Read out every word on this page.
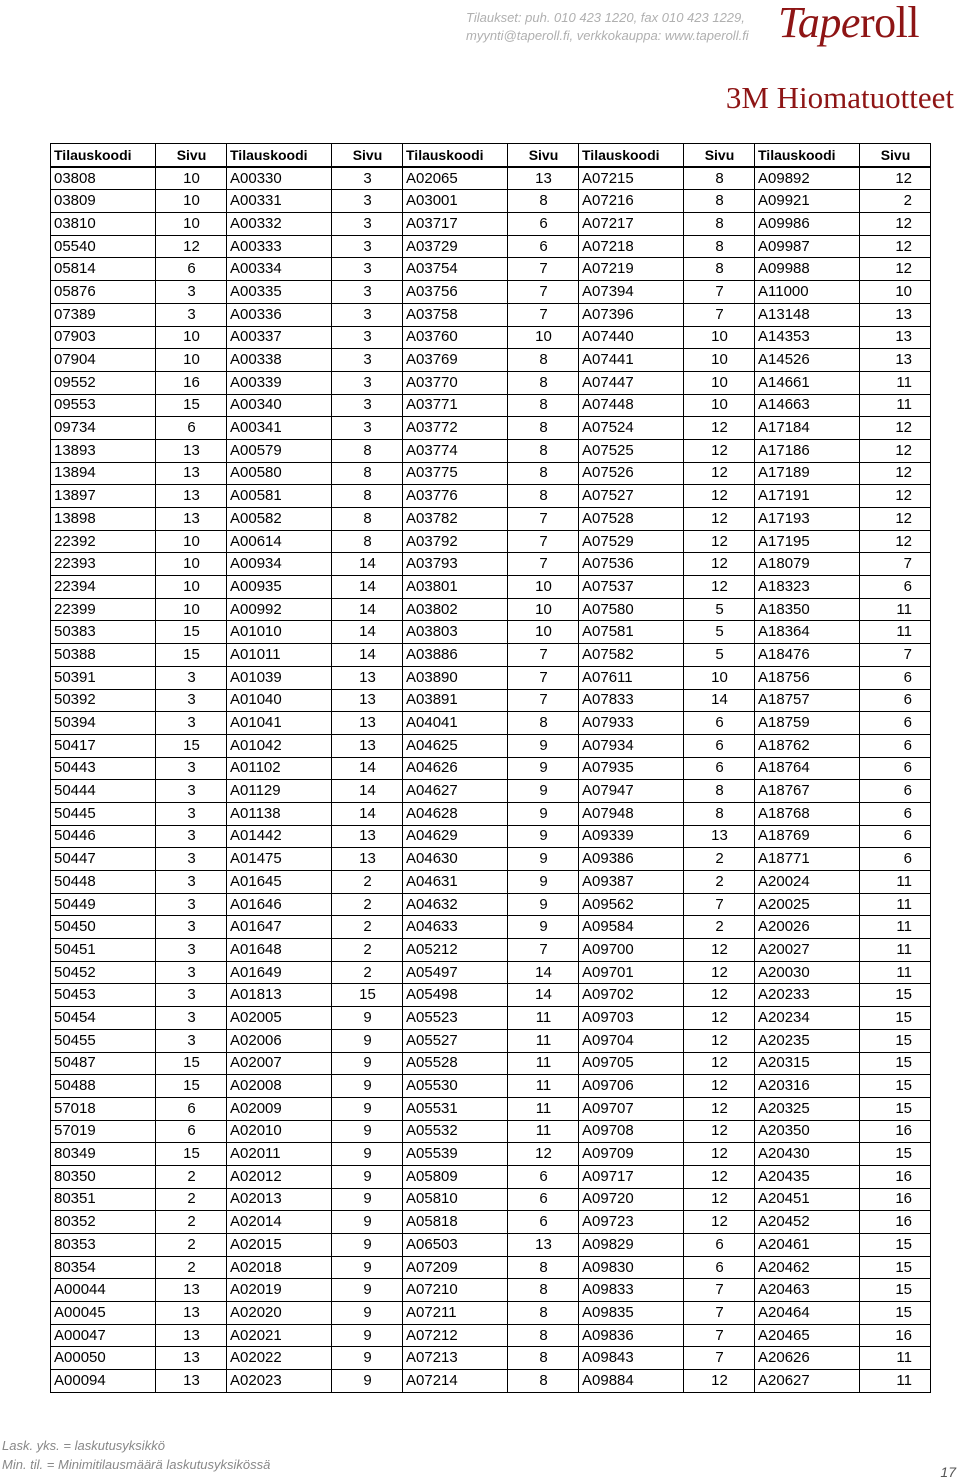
Tilaukset: puh. 010 423 1220, fax 010 423 1229,
myynti@taperoll.fi, verkkokauppa: www.taperoll.fi Taperoll
3M Hiomatuotteet
Tilauskoodi	Sivu	Tilauskoodi	Sivu	Tilauskoodi	Sivu	Tilauskoodi	Sivu	Tilauskoodi	Sivu
03808	10	A00330	3	A02065	13	A07215	8	A09892	12
03809	10	A00331	3	A03001	8	A07216	8	A09921	2
03810	10	A00332	3	A03717	6	A07217	8	A09986	12
05540	12	A00333	3	A03729	6	A07218	8	A09987	12
05814	6	A00334	3	A03754	7	A07219	8	A09988	12
05876	3	A00335	3	A03756	7	A07394	7	A11000	10
07389	3	A00336	3	A03758	7	A07396	7	A13148	13
07903	10	A00337	3	A03760	10	A07440	10	A14353	13
07904	10	A00338	3	A03769	8	A07441	10	A14526	13
09552	16	A00339	3	A03770	8	A07447	10	A14661	11
09553	15	A00340	3	A03771	8	A07448	10	A14663	11
09734	6	A00341	3	A03772	8	A07524	12	A17184	12
13893	13	A00579	8	A03774	8	A07525	12	A17186	12
13894	13	A00580	8	A03775	8	A07526	12	A17189	12
13897	13	A00581	8	A03776	8	A07527	12	A17191	12
13898	13	A00582	8	A03782	7	A07528	12	A17193	12
22392	10	A00614	8	A03792	7	A07529	12	A17195	12
22393	10	A00934	14	A03793	7	A07536	12	A18079	7
22394	10	A00935	14	A03801	10	A07537	12	A18323	6
22399	10	A00992	14	A03802	10	A07580	5	A18350	11
50383	15	A01010	14	A03803	10	A07581	5	A18364	11
50388	15	A01011	14	A03886	7	A07582	5	A18476	7
50391	3	A01039	13	A03890	7	A07611	10	A18756	6
50392	3	A01040	13	A03891	7	A07833	14	A18757	6
50394	3	A01041	13	A04041	8	A07933	6	A18759	6
50417	15	A01042	13	A04625	9	A07934	6	A18762	6
50443	3	A01102	14	A04626	9	A07935	6	A18764	6
50444	3	A01129	14	A04627	9	A07947	8	A18767	6
50445	3	A01138	14	A04628	9	A07948	8	A18768	6
50446	3	A01442	13	A04629	9	A09339	13	A18769	6
50447	3	A01475	13	A04630	9	A09386	2	A18771	6
50448	3	A01645	2	A04631	9	A09387	2	A20024	11
50449	3	A01646	2	A04632	9	A09562	7	A20025	11
50450	3	A01647	2	A04633	9	A09584	2	A20026	11
50451	3	A01648	2	A05212	7	A09700	12	A20027	11
50452	3	A01649	2	A05497	14	A09701	12	A20030	11
50453	3	A01813	15	A05498	14	A09702	12	A20233	15
50454	3	A02005	9	A05523	11	A09703	12	A20234	15
50455	3	A02006	9	A05527	11	A09704	12	A20235	15
50487	15	A02007	9	A05528	11	A09705	12	A20315	15
50488	15	A02008	9	A05530	11	A09706	12	A20316	15
57018	6	A02009	9	A05531	11	A09707	12	A20325	15
57019	6	A02010	9	A05532	11	A09708	12	A20350	16
80349	15	A02011	9	A05539	12	A09709	12	A20430	15
80350	2	A02012	9	A05809	6	A09717	12	A20435	16
80351	2	A02013	9	A05810	6	A09720	12	A20451	16
80352	2	A02014	9	A05818	6	A09723	12	A20452	16
80353	2	A02015	9	A06503	13	A09829	6	A20461	15
80354	2	A02018	9	A07209	8	A09830	6	A20462	15
A00044	13	A02019	9	A07210	8	A09833	7	A20463	15
A00045	13	A02020	9	A07211	8	A09835	7	A20464	15
A00047	13	A02021	9	A07212	8	A09836	7	A20465	16
A00050	13	A02022	9	A07213	8	A09843	7	A20626	11
A00094	13	A02023	9	A07214	8	A09884	12	A20627	11
Lask. yks. = laskutusyksikkö
Min. til. = Minimitilausmäärä laskutusyksikössä	17
